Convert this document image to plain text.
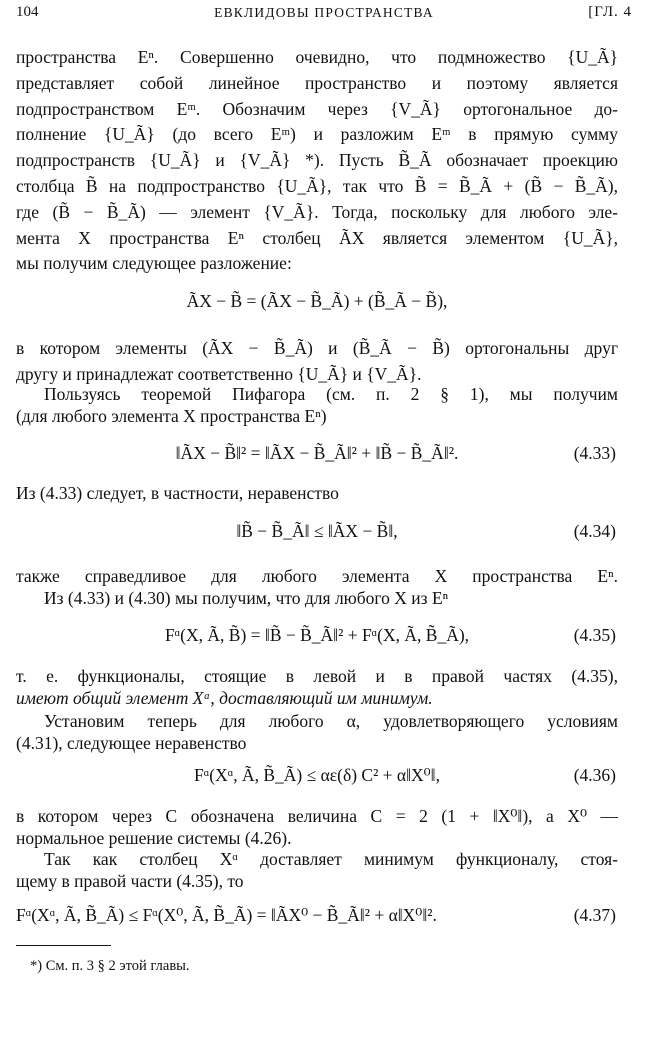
104	ЕВКЛИДОВЫ ПРОСТРАНСТВА	[ГЛ. 4
пространства Eⁿ. Совершенно очевидно, что подмножество {U_Ã}
представляет собой линейное пространство и поэтому является
подпространством Eᵐ. Обозначим через {V_Ã} ортогональное до-
полнение {U_Ã} (до всего Eᵐ) и разложим Eᵐ в прямую сумму
подпространств {U_Ã} и {V_Ã} *). Пусть B̃_Ã обозначает проекцию
столбца B̃ на подпространство {U_Ã}, так что B̃ = B̃_Ã + (B̃ − B̃_Ã),
где (B̃ − B̃_Ã) — элемент {V_Ã}. Тогда, поскольку для любого эле-
мента X пространства Eⁿ столбец ÃX является элементом {U_Ã},
мы получим следующее разложение:
ÃX − B̃ = (ÃX − B̃_Ã) + (B̃_Ã − B̃),
в котором элементы (ÃX − B̃_Ã) и (B̃_Ã − B̃) ортогональны друг
другу и принадлежат соответственно {U_Ã} и {V_Ã}.
Пользуясь теоремой Пифагора (см. п. 2 § 1), мы получим
(для любого элемента X пространства Eⁿ)
‖ÃX − B̃‖² = ‖ÃX − B̃_Ã‖² + ‖B̃ − B̃_Ã‖².	(4.33)
Из (4.33) следует, в частности, неравенство
‖B̃ − B̃_Ã‖ ≤ ‖ÃX − B̃‖,	(4.34)
также справедливое для любого элемента X пространства Eⁿ.
Из (4.33) и (4.30) мы получим, что для любого X из Eⁿ
Fᵅ(X, Ã, B̃) = ‖B̃ − B̃_Ã‖² + Fᵅ(X, Ã, B̃_Ã),	(4.35)
т. е. функционалы, стоящие в левой и в правой частях (4.35),
имеют общий элемент Xᵅ, доставляющий им минимум.
Установим теперь для любого α, удовлетворяющего условиям
(4.31), следующее неравенство
Fᵅ(Xᵅ, Ã, B̃_Ã) ≤ αε(δ) C² + α‖X⁰‖,	(4.36)
в котором через C обозначена величина C = 2 (1 + ‖X⁰‖), а X⁰ —
нормальное решение системы (4.26).
Так как столбец Xᵅ доставляет минимум функционалу, стоя-
щему в правой части (4.35), то
Fᵅ(Xᵅ, Ã, B̃_Ã) ≤ Fᵅ(X⁰, Ã, B̃_Ã) = ‖ÃX⁰ − B̃_Ã‖² + α‖X⁰‖².	(4.37)
*) См. п. 3 § 2 этой главы.
